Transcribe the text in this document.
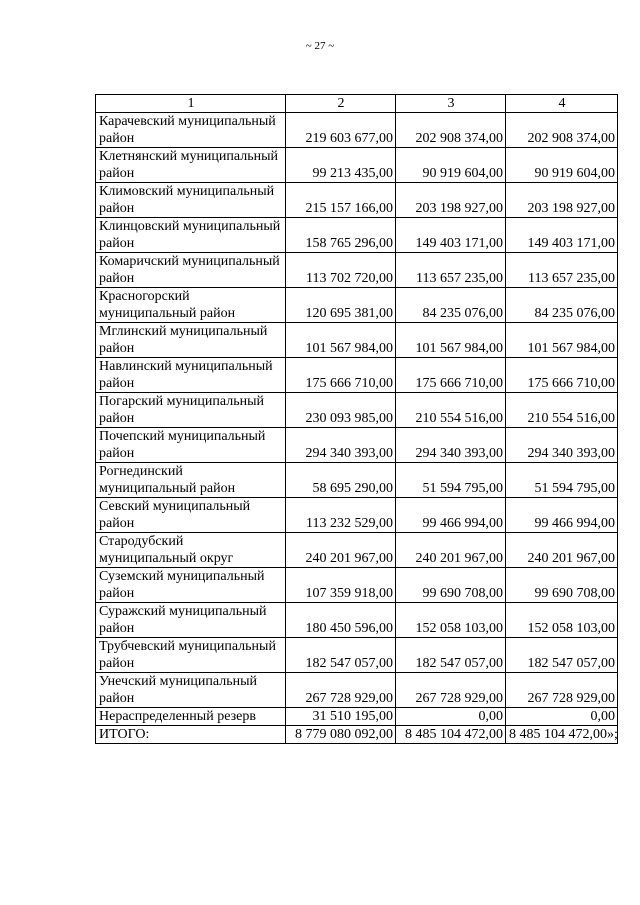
~ 27 ~
1	2	3	4
Карачевский муниципальный район	219 603 677,00	202 908 374,00	202 908 374,00
Клетнянский муниципальный район	99 213 435,00	90 919 604,00	90 919 604,00
Климовский муниципальный район	215 157 166,00	203 198 927,00	203 198 927,00
Клинцовский муниципальный район	158 765 296,00	149 403 171,00	149 403 171,00
Комаричский муниципальный район	113 702 720,00	113 657 235,00	113 657 235,00
Красногорский муниципальный район	120 695 381,00	84 235 076,00	84 235 076,00
Мглинский муниципальный район	101 567 984,00	101 567 984,00	101 567 984,00
Навлинский муниципальный район	175 666 710,00	175 666 710,00	175 666 710,00
Погарский муниципальный район	230 093 985,00	210 554 516,00	210 554 516,00
Почепский муниципальный район	294 340 393,00	294 340 393,00	294 340 393,00
Рогнединский муниципальный район	58 695 290,00	51 594 795,00	51 594 795,00
Севский муниципальный район	113 232 529,00	99 466 994,00	99 466 994,00
Стародубский муниципальный округ	240 201 967,00	240 201 967,00	240 201 967,00
Суземский муниципальный район	107 359 918,00	99 690 708,00	99 690 708,00
Суражский муниципальный район	180 450 596,00	152 058 103,00	152 058 103,00
Трубчевский муниципальный район	182 547 057,00	182 547 057,00	182 547 057,00
Унечский муниципальный район	267 728 929,00	267 728 929,00	267 728 929,00
Нераспределенный резерв	31 510 195,00	0,00	0,00
ИТОГО:	8 779 080 092,00	8 485 104 472,00	8 485 104 472,00»;
